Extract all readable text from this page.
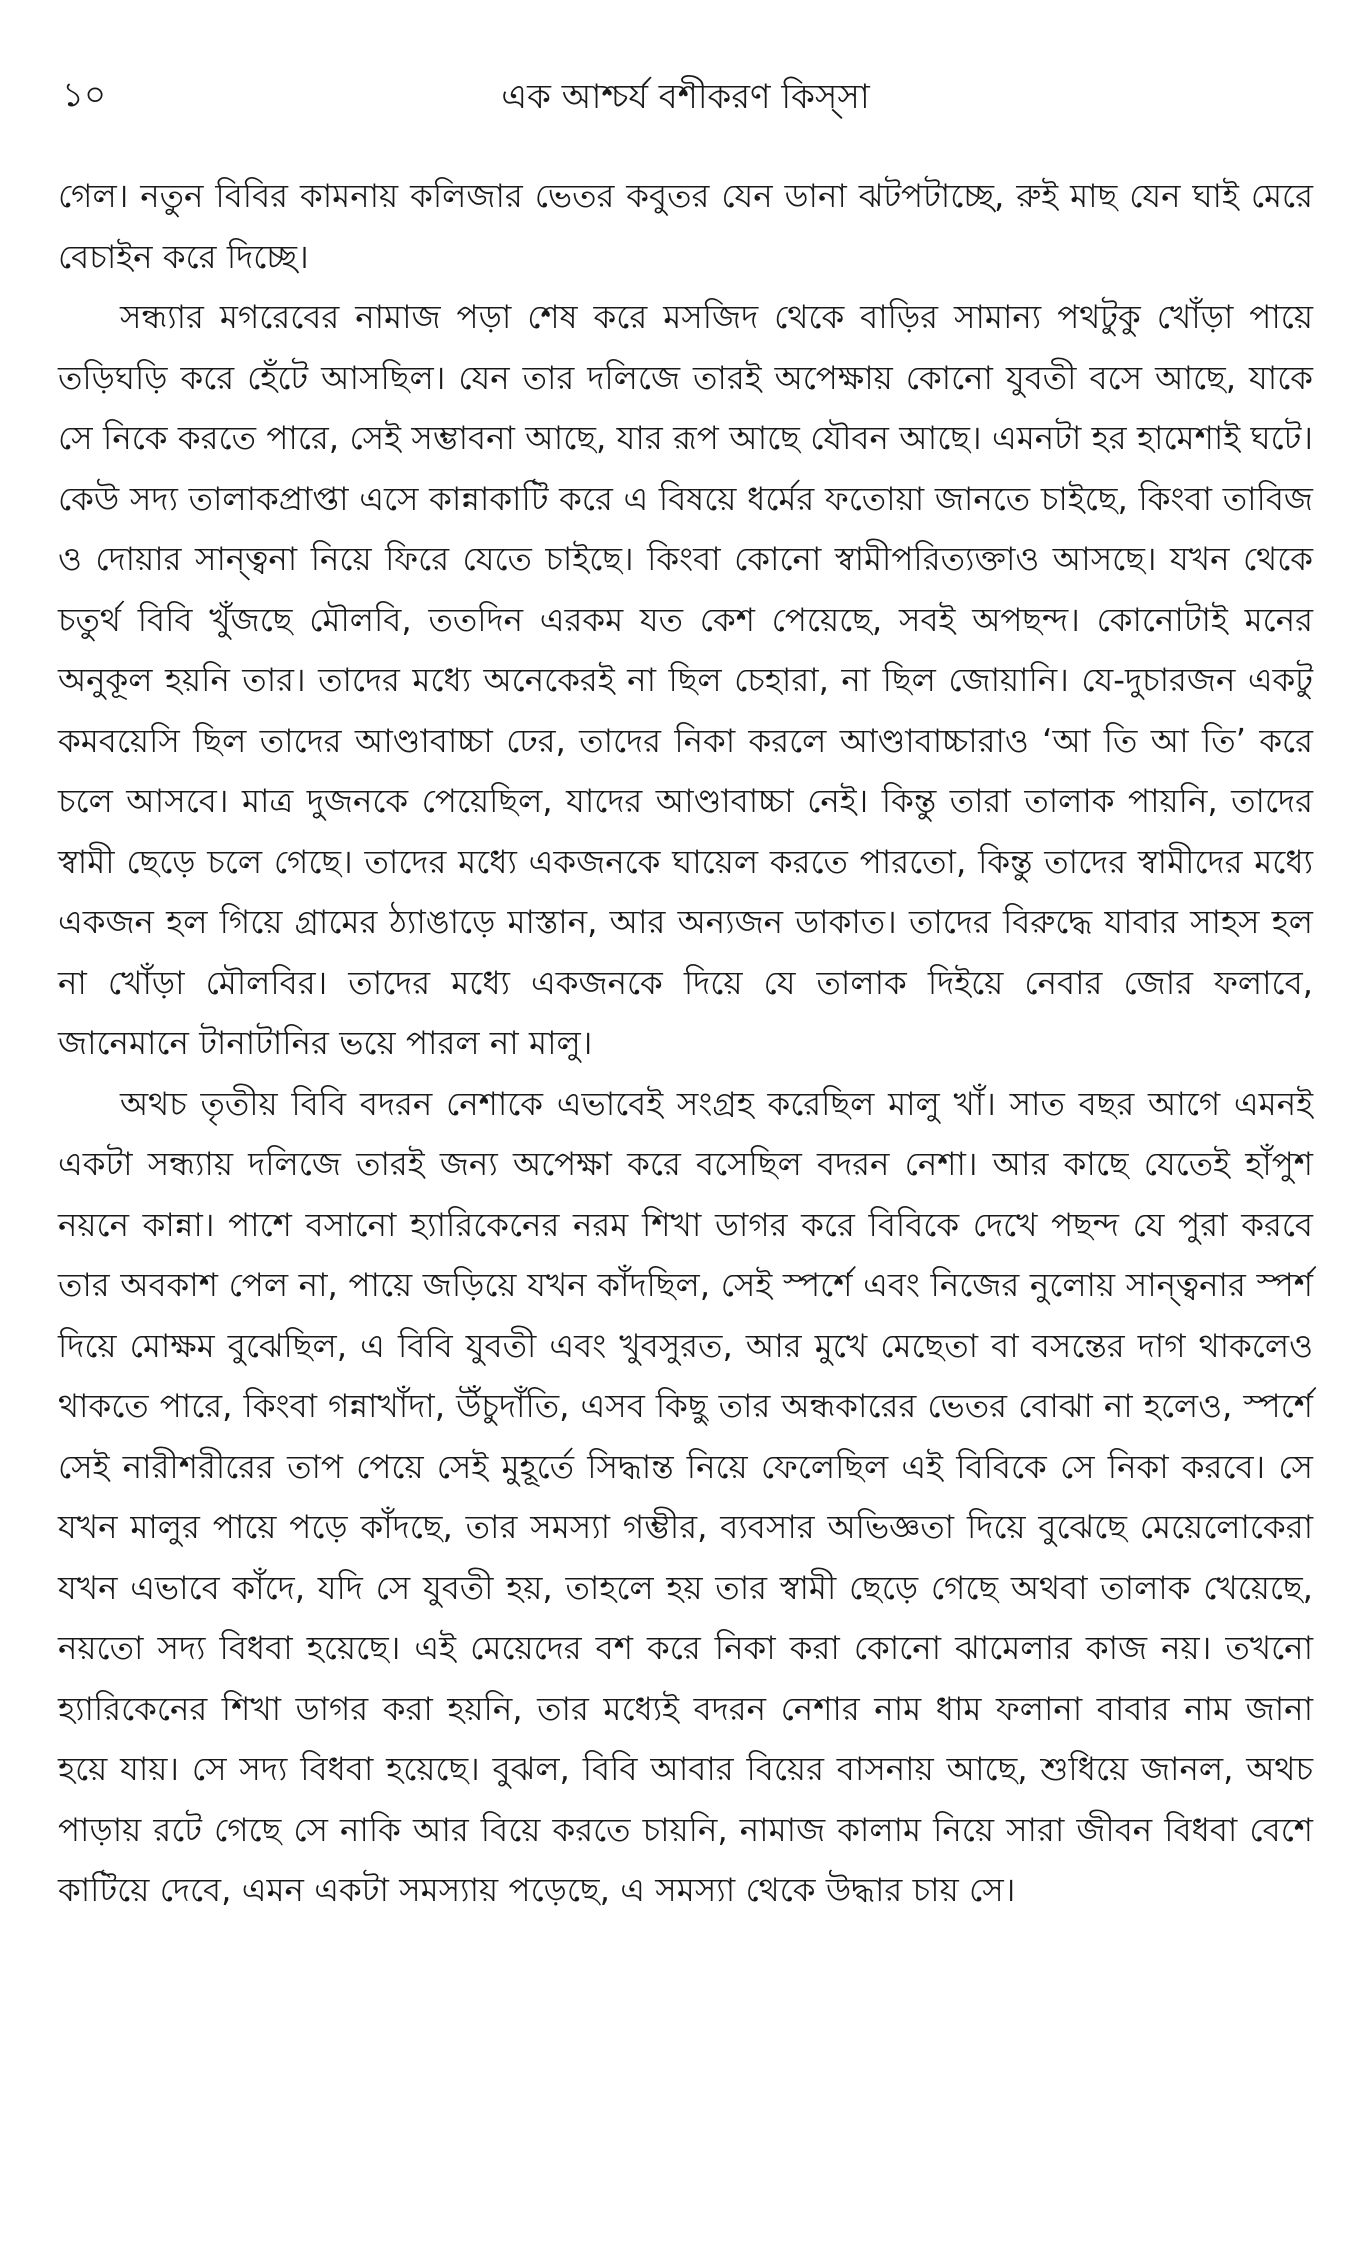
১০	এক আশ্চর্য বশীকরণ কিস্‌সা

গেল। নতুন বিবির কামনায় কলিজার ভেতর কবুতর যেন ডানা ঝটপটাচ্ছে, রুই মাছ যেন ঘাই মেরে বেচাইন করে দিচ্ছে।

সন্ধ্যার মগরেবের নামাজ পড়া শেষ করে মসজিদ থেকে বাড়ির সামান্য পথটুকু খোঁড়া পায়ে তড়িঘড়ি করে হেঁটে আসছিল। যেন তার দলিজে তারই অপেক্ষায় কোনো যুবতী বসে আছে, যাকে সে নিকে করতে পারে, সেই সম্ভাবনা আছে, যার রূপ আছে যৌবন আছে। এমনটা হর হামেশাই ঘটে। কেউ সদ্য তালাকপ্রাপ্তা এসে কান্নাকাটি করে এ বিষয়ে ধর্মের ফতোয়া জানতে চাইছে, কিংবা তাবিজ ও দোয়ার সান্ত্বনা নিয়ে ফিরে যেতে চাইছে। কিংবা কোনো স্বামীপরিত্যক্তাও আসছে। যখন থেকে চতুর্থ বিবি খুঁজছে মৌলবি, ততদিন এরকম যত কেশ পেয়েছে, সবই অপছন্দ। কোনোটাই মনের অনুকূল হয়নি তার। তাদের মধ্যে অনেকেরই না ছিল চেহারা, না ছিল জোয়ানি। যে-দুচারজন একটু কমবয়েসি ছিল তাদের আণ্ডাবাচ্চা ঢের, তাদের নিকা করলে আণ্ডাবাচ্চারাও ‘আ তি আ তি’ করে চলে আসবে। মাত্র দুজনকে পেয়েছিল, যাদের আণ্ডাবাচ্চা নেই। কিন্তু তারা তালাক পায়নি, তাদের স্বামী ছেড়ে চলে গেছে। তাদের মধ্যে একজনকে ঘায়েল করতে পারতো, কিন্তু তাদের স্বামীদের মধ্যে একজন হল গিয়ে গ্রামের ঠ্যাঙাড়ে মাস্তান, আর অন্যজন ডাকাত। তাদের বিরুদ্ধে যাবার সাহস হল না খোঁড়া মৌলবির। তাদের মধ্যে একজনকে দিয়ে যে তালাক দিইয়ে নেবার জোর ফলাবে, জানেমানে টানাটানির ভয়ে পারল না মালু।

অথচ তৃতীয় বিবি বদরন নেশাকে এভাবেই সংগ্রহ করেছিল মালু খাঁ। সাত বছর আগে এমনই একটা সন্ধ্যায় দলিজে তারই জন্য অপেক্ষা করে বসেছিল বদরন নেশা। আর কাছে যেতেই হাঁপুশ নয়নে কান্না। পাশে বসানো হ্যারিকেনের নরম শিখা ডাগর করে বিবিকে দেখে পছন্দ যে পুরা করবে তার অবকাশ পেল না, পায়ে জড়িয়ে যখন কাঁদছিল, সেই স্পর্শে এবং নিজের নুলোয় সান্ত্বনার স্পর্শ দিয়ে মোক্ষম বুঝেছিল, এ বিবি যুবতী এবং খুবসুরত, আর মুখে মেছেতা বা বসন্তের দাগ থাকলেও থাকতে পারে, কিংবা গন্নাখাঁদা, উঁচুদাঁতি, এসব কিছু তার অন্ধকারের ভেতর বোঝা না হলেও, স্পর্শে সেই নারীশরীরের তাপ পেয়ে সেই মুহূর্তে সিদ্ধান্ত নিয়ে ফেলেছিল এই বিবিকে সে নিকা করবে। সে যখন মালুর পায়ে পড়ে কাঁদছে, তার সমস্যা গম্ভীর, ব্যবসার অভিজ্ঞতা দিয়ে বুঝেছে মেয়েলোকেরা যখন এভাবে কাঁদে, যদি সে যুবতী হয়, তাহলে হয় তার স্বামী ছেড়ে গেছে অথবা তালাক খেয়েছে, নয়তো সদ্য বিধবা হয়েছে। এই মেয়েদের বশ করে নিকা করা কোনো ঝামেলার কাজ নয়। তখনো হ্যারিকেনের শিখা ডাগর করা হয়নি, তার মধ্যেই বদরন নেশার নাম ধাম ফলানা বাবার নাম জানা হয়ে যায়। সে সদ্য বিধবা হয়েছে। বুঝল, বিবি আবার বিয়ের বাসনায় আছে, শুধিয়ে জানল, অথচ পাড়ায় রটে গেছে সে নাকি আর বিয়ে করতে চায়নি, নামাজ কালাম নিয়ে সারা জীবন বিধবা বেশে কাটিয়ে দেবে, এমন একটা সমস্যায় পড়েছে, এ সমস্যা থেকে উদ্ধার চায় সে।
